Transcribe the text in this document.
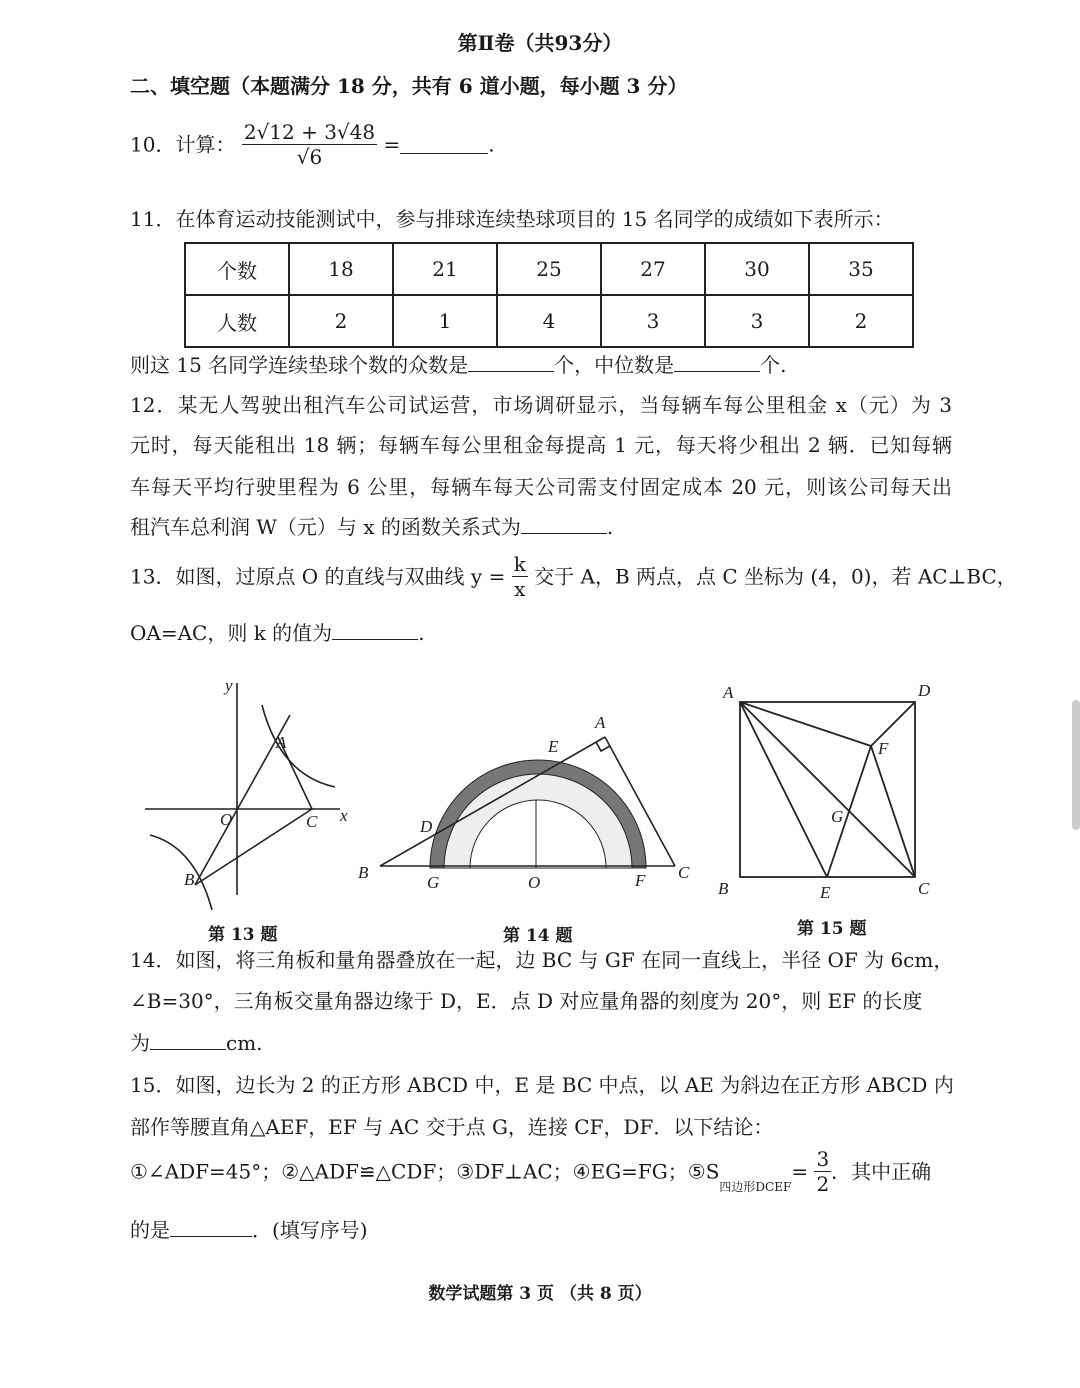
第Ⅱ卷（共93分）
二、填空题（本题满分 18 分，共有 6 道小题，每小题 3 分）
10．计算： $\frac{2√12 + 3√48}{√6}$ =	.
11．在体育运动技能测试中，参与排球连续垫球项目的 15 名同学的成绩如下表所示：
个数	18	21	25	27	30	35
人数	2	1	4	3	3	2
则这 15 名同学连续垫球个数的众数是	个，中位数是	个.
12．某无人驾驶出租汽车公司试运营，市场调研显示，当每辆车每公里租金 x（元）为 3
元时，每天能租出 18 辆；每辆车每公里租金每提高 1 元，每天将少租出 2 辆．已知每辆
车每天平均行驶里程为 6 公里，每辆车每天公司需支付固定成本 20 元，则该公司每天出
租汽车总利润 W（元）与 x 的函数关系式为	.
13．如图，过原点 O 的直线与双曲线 $y = \frac{k}{x}$ 交于 A，B 两点，点 C 坐标为 (4，0)，若 AC⊥BC，
OA=AC，则 k 的值为	.
y
x
A
O	C
B
第 13 题
A
E
D
B
G	O	F C
第 14 题
A	D
F
G
B	E	C
第 15 题
14．如图，将三角板和量角器叠放在一起，边 BC 与 GF 在同一直线上，半径 OF 为 6cm，
∠B=30°，三角板交量角器边缘于 D，E．点 D 对应量角器的刻度为 20°，则 EF 的长度
为	cm.
15．如图，边长为 2 的正方形 ABCD 中，E 是 BC 中点，以 AE 为斜边在正方形 ABCD 内
部作等腰直角△AEF，EF 与 AC 交于点 G，连接 CF，DF．以下结论：
①∠ADF=45°；②△ADF≌△CDF；③DF⊥AC；④EG=FG；$⑤S_{四边形DCEF}= \frac{3}{2}$ ．其中正确
的是	．(填写序号)
数学试题第 3 页 （共 8 页）
